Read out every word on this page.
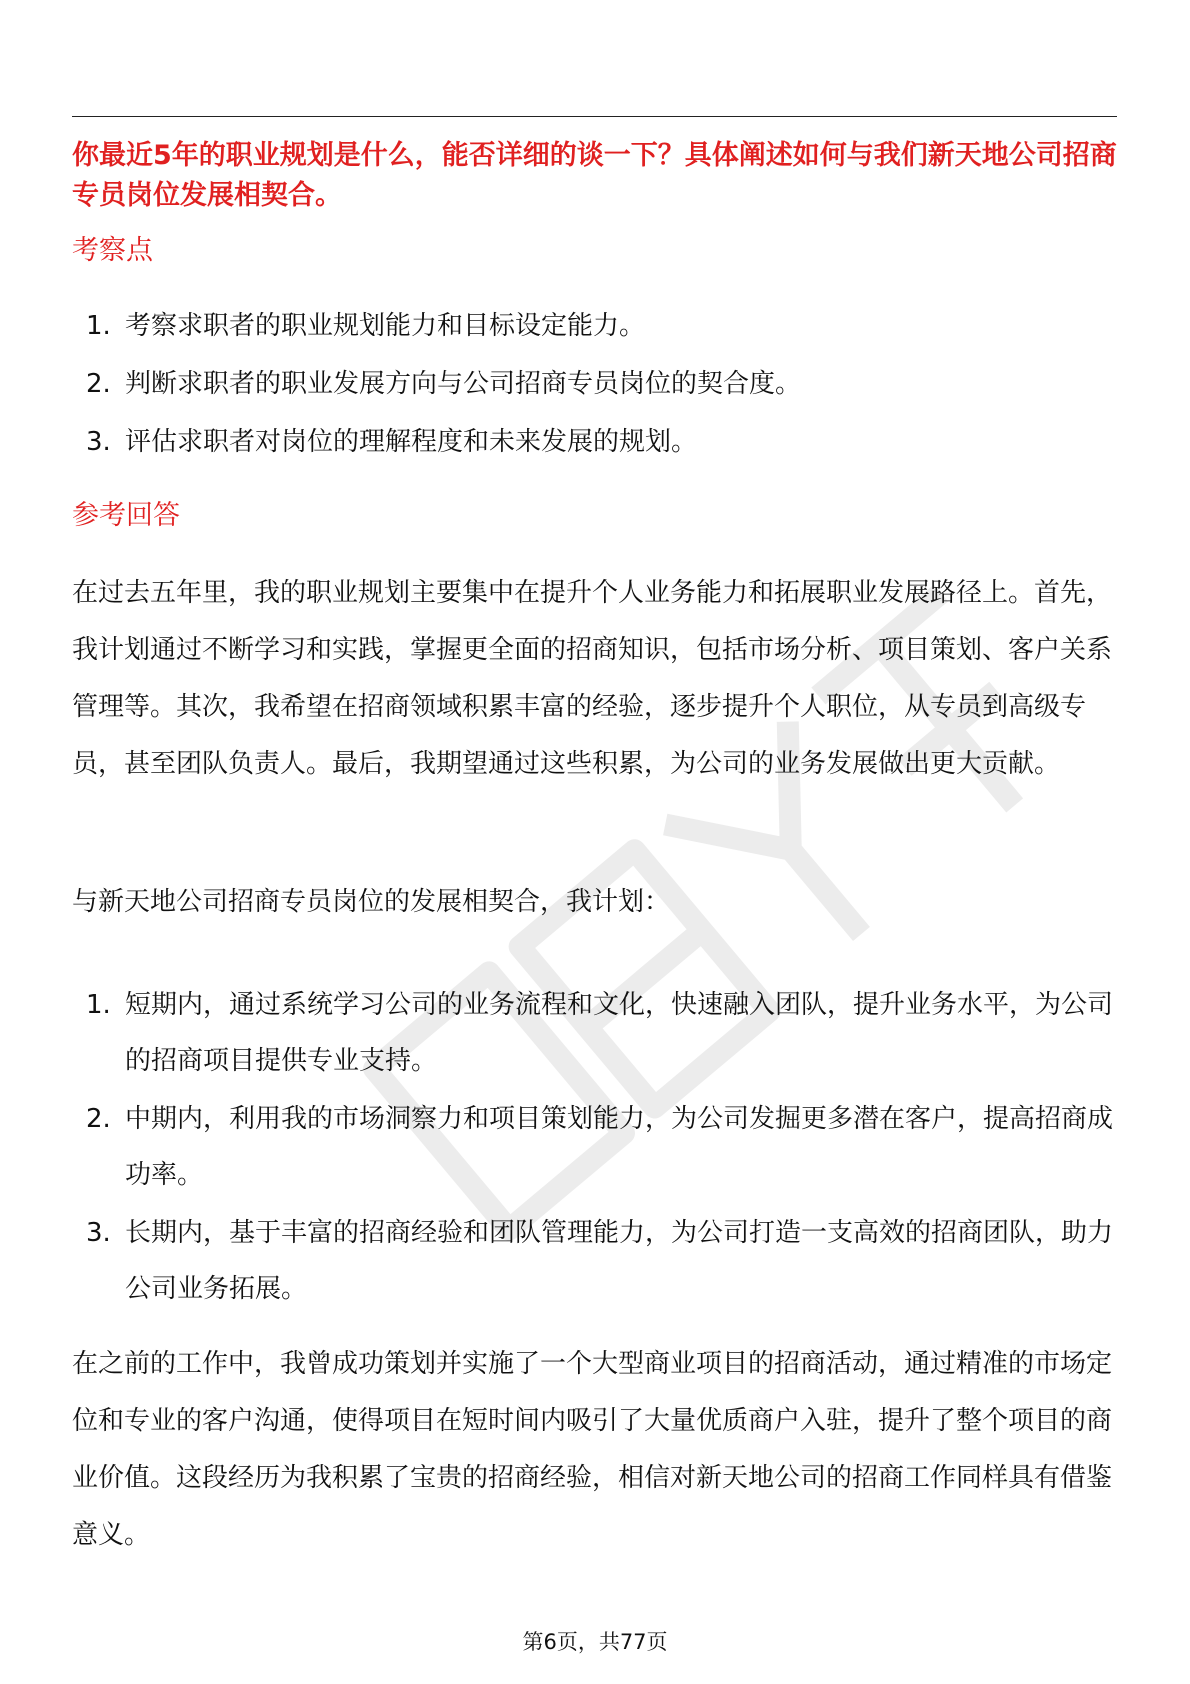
你最近5年的职业规划是什么，能否详细的谈一下？具体阐述如何与我们新天地公司招商专员岗位发展相契合。
考察点
1. 考察求职者的职业规划能力和目标设定能力。
2. 判断求职者的职业发展方向与公司招商专员岗位的契合度。
3. 评估求职者对岗位的理解程度和未来发展的规划。
参考回答

在过去五年里，我的职业规划主要集中在提升个人业务能力和拓展职业发展路径上。首先，我计划通过不断学习和实践，掌握更全面的招商知识，包括市场分析、项目策划、客户关系管理等。其次，我希望在招商领域积累丰富的经验，逐步提升个人职位，从专员到高级专员，甚至团队负责人。最后，我期望通过这些积累，为公司的业务发展做出更大贡献。

与新天地公司招商专员岗位的发展相契合，我计划：

1. 短期内，通过系统学习公司的业务流程和文化，快速融入团队，提升业务水平，为公司的招商项目提供专业支持。
2. 中期内，利用我的市场洞察力和项目策划能力，为公司发掘更多潜在客户，提高招商成功率。
3. 长期内，基于丰富的招商经验和团队管理能力，为公司打造一支高效的招商团队，助力公司业务拓展。

在之前的工作中，我曾成功策划并实施了一个大型商业项目的招商活动，通过精准的市场定位和专业的客户沟通，使得项目在短时间内吸引了大量优质商户入驻，提升了整个项目的商业价值。这段经历为我积累了宝贵的招商经验，相信对新天地公司的招商工作同样具有借鉴意义。

第6页，共77页
